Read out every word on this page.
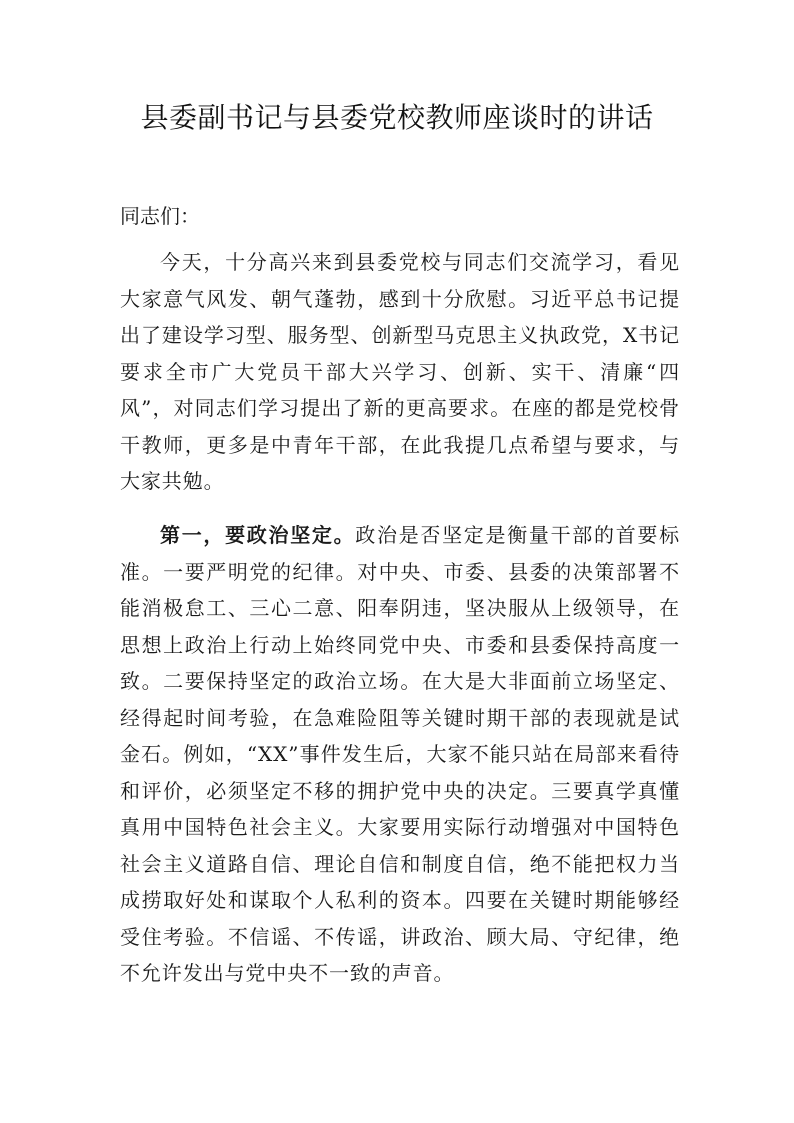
县委副书记与县委党校教师座谈时的讲话
同志们：
今天，十分高兴来到县委党校与同志们交流学习，看见大家意气风发、朝气蓬勃，感到十分欣慰。习近平总书记提出了建设学习型、服务型、创新型马克思主义执政党，X书记要求全市广大党员干部大兴学习、创新、实干、清廉“四风”，对同志们学习提出了新的更高要求。在座的都是党校骨干教师，更多是中青年干部，在此我提几点希望与要求，与大家共勉。
第一，要政治坚定。政治是否坚定是衡量干部的首要标准。一要严明党的纪律。对中央、市委、县委的决策部署不能消极怠工、三心二意、阳奉阴违，坚决服从上级领导，在思想上政治上行动上始终同党中央、市委和县委保持高度一致。二要保持坚定的政治立场。在大是大非面前立场坚定、经得起时间考验，在急难险阻等关键时期干部的表现就是试金石。例如，“XX”事件发生后，大家不能只站在局部来看待和评价，必须坚定不移的拥护党中央的决定。三要真学真懂真用中国特色社会主义。大家要用实际行动增强对中国特色社会主义道路自信、理论自信和制度自信，绝不能把权力当成捞取好处和谋取个人私利的资本。四要在关键时期能够经受住考验。不信谣、不传谣，讲政治、顾大局、守纪律，绝不允许发出与党中央不一致的声音。
